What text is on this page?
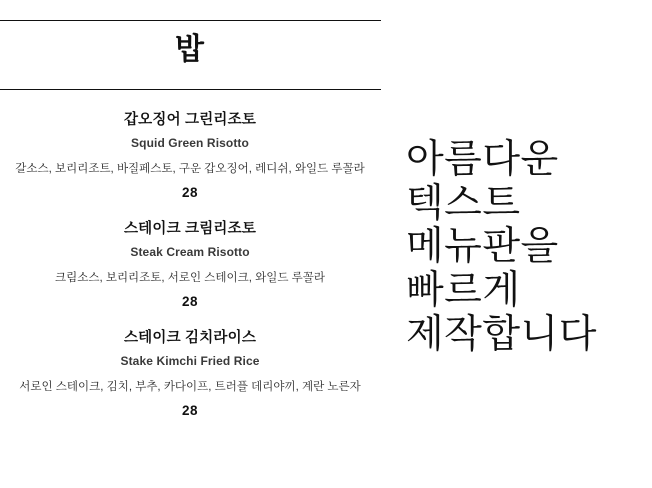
밥
갑오징어 그린리조토
Squid Green Risotto
갈소스, 보리리조트, 바질페스토, 구운 갑오징어, 레디쉬, 와일드 루꼴라
28
스테이크 크림리조토
Steak Cream Risotto
크림소스, 보리리조토, 서로인 스테이크, 와일드 루꼴라
28
스테이크 김치라이스
Stake Kimchi Fried Rice
서로인 스테이크, 김치, 부추, 카다이프, 트러플 데리야끼, 계란 노른자
28
아름다운
텍스트
메뉴판을
빠르게
제작합니다
